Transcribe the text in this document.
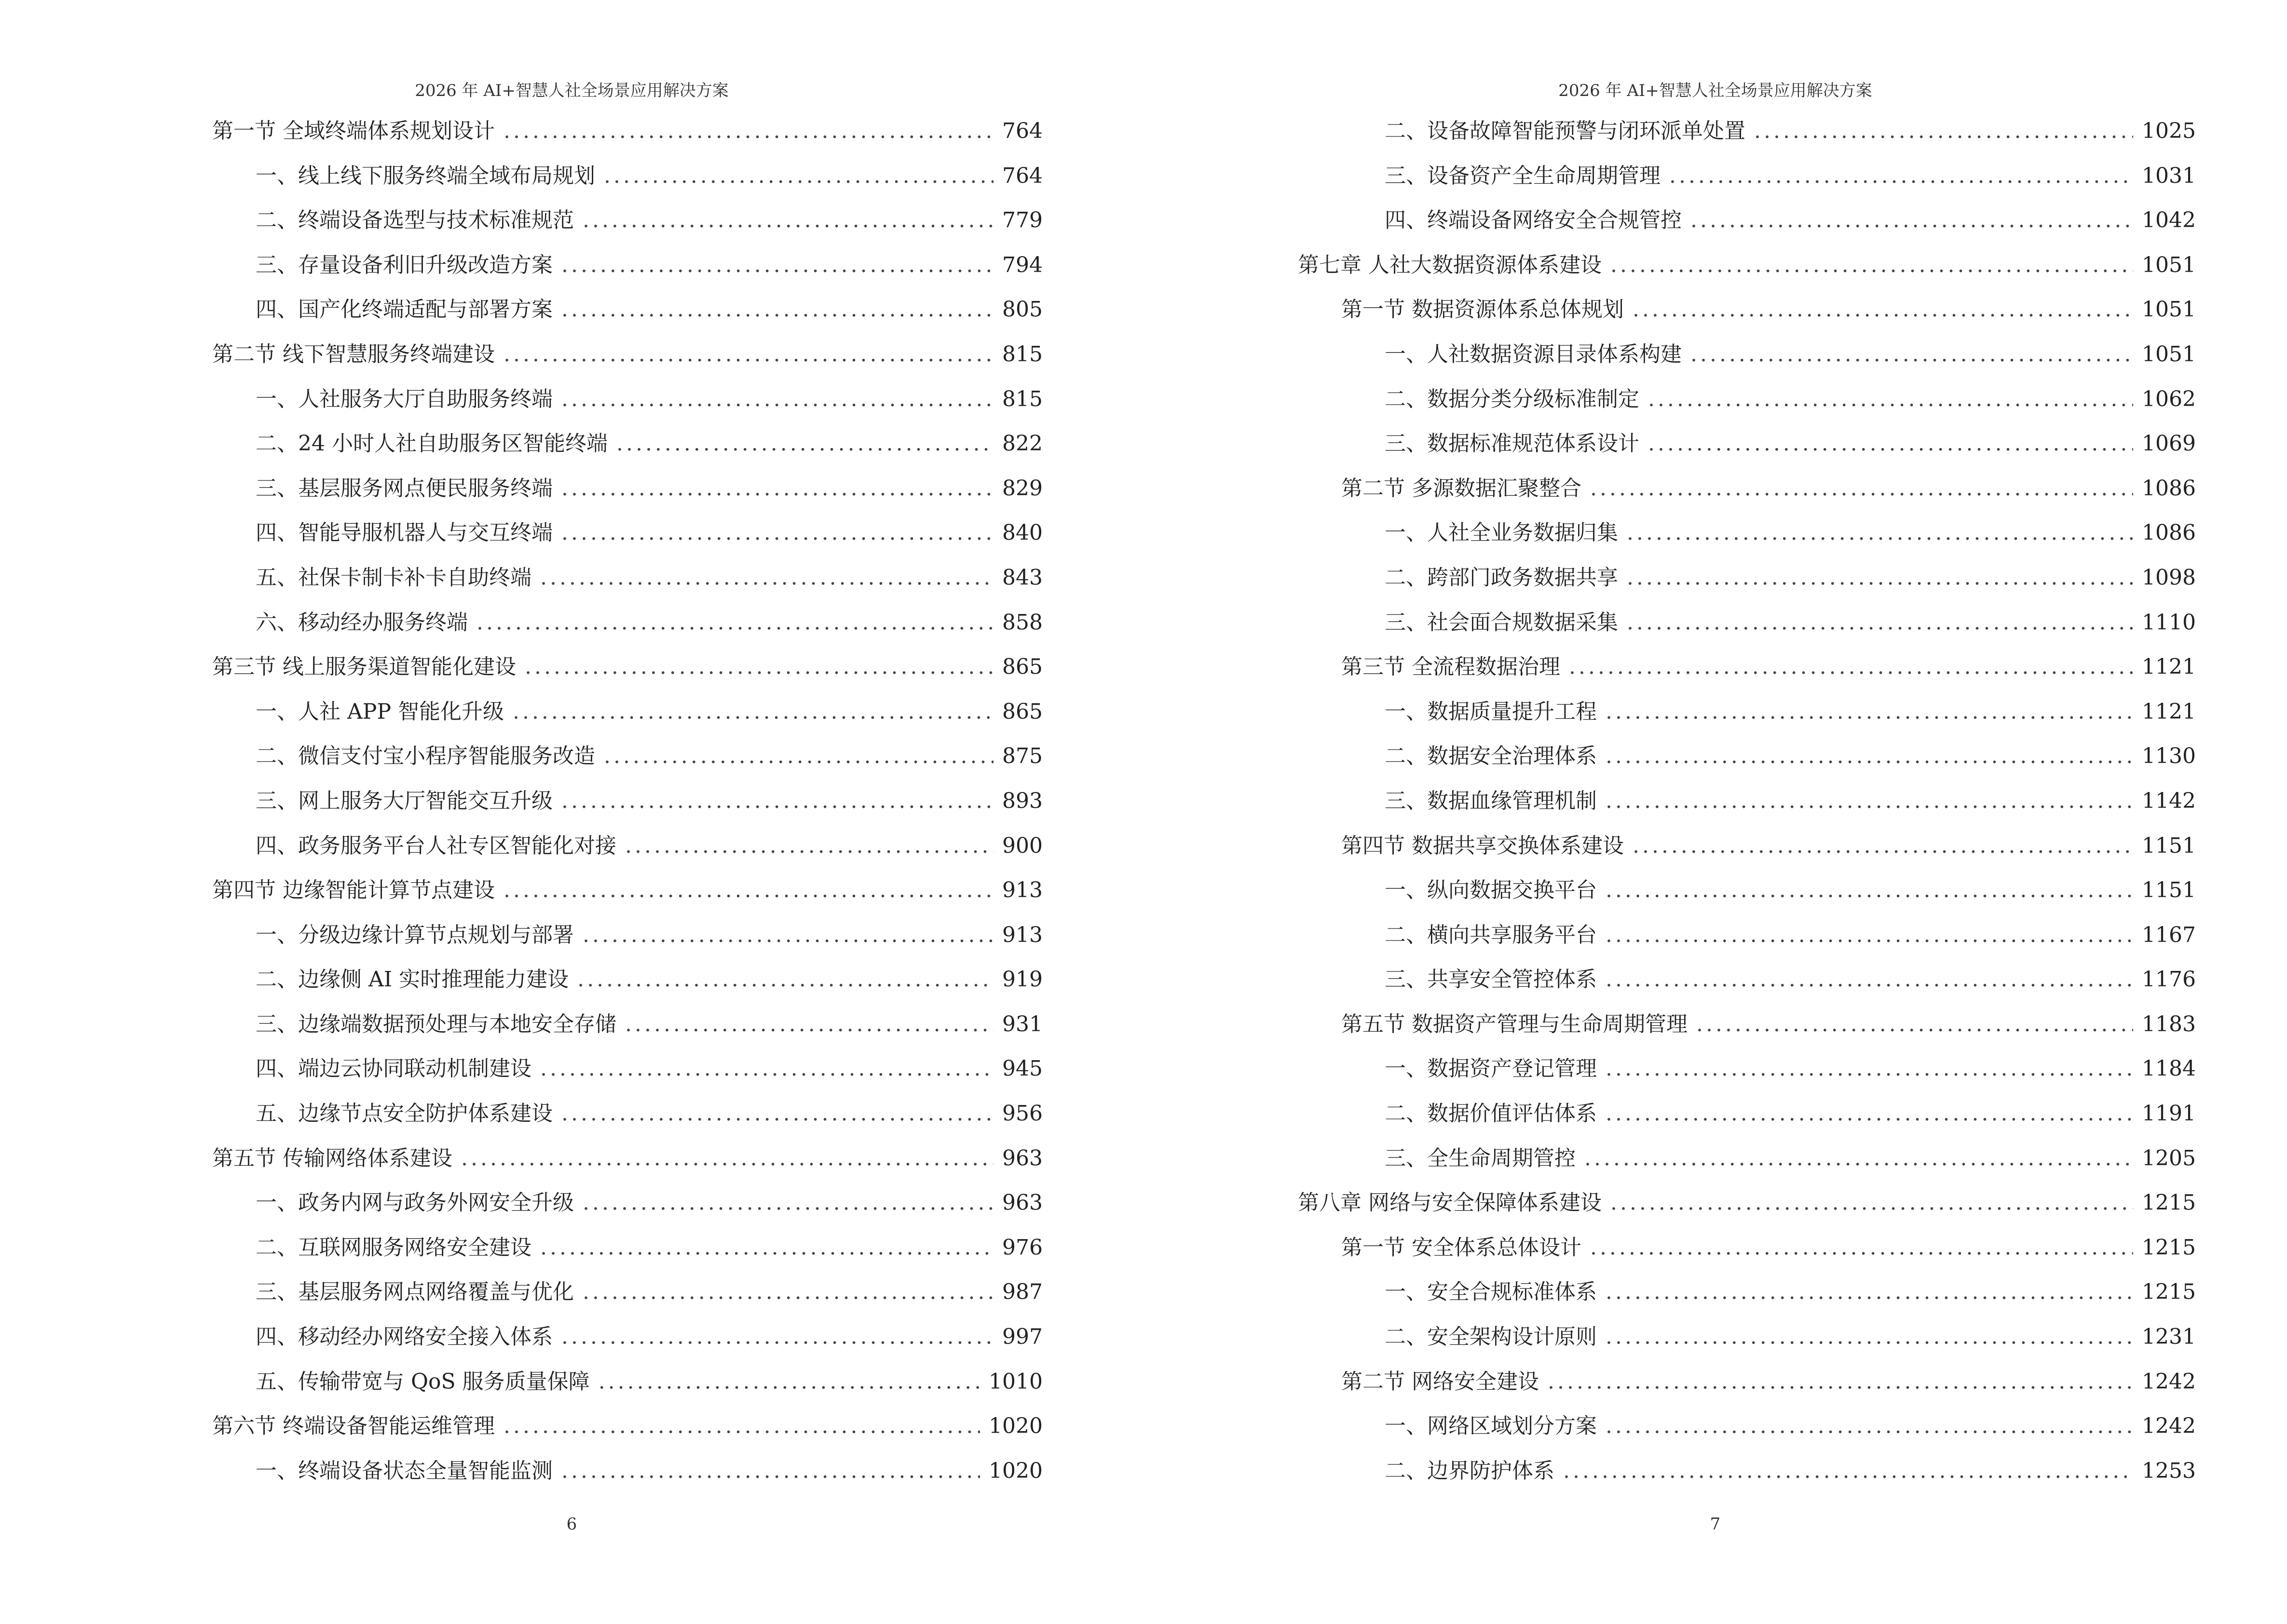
2026 年 AI+智慧人社全场景应用解决方案
第一节 全域终端体系规划设计 .....	764
一、线上线下服务终端全域布局规划 .....	764
二、终端设备选型与技术标准规范 .....	779
三、存量设备利旧升级改造方案 .....	794
四、国产化终端适配与部署方案 .....	805
第二节 线下智慧服务终端建设 .....	815
一、人社服务大厅自助服务终端 .....	815
二、24 小时人社自助服务区智能终端 .....	822
三、基层服务网点便民服务终端 .....	829
四、智能导服机器人与交互终端 .....	840
五、社保卡制卡补卡自助终端 .....	843
六、移动经办服务终端 .....	858
第三节 线上服务渠道智能化建设 .....	865
一、人社 APP 智能化升级 .....	865
二、微信支付宝小程序智能服务改造 .....	875
三、网上服务大厅智能交互升级 .....	893
四、政务服务平台人社专区智能化对接 .....	900
第四节 边缘智能计算节点建设 .....	913
一、分级边缘计算节点规划与部署 .....	913
二、边缘侧 AI 实时推理能力建设 .....	919
三、边缘端数据预处理与本地安全存储 .....	931
四、端边云协同联动机制建设 .....	945
五、边缘节点安全防护体系建设 .....	956
第五节 传输网络体系建设 .....	963
一、政务内网与政务外网安全升级 .....	963
二、互联网服务网络安全建设 .....	976
三、基层服务网点网络覆盖与优化 .....	987
四、移动经办网络安全接入体系 .....	997
五、传输带宽与 QoS 服务质量保障 .....	1010
第六节 终端设备智能运维管理 .....	1020
一、终端设备状态全量智能监测 .....	1020
6
2026 年 AI+智慧人社全场景应用解决方案
二、设备故障智能预警与闭环派单处置 .....	1025
三、设备资产全生命周期管理 .....	1031
四、终端设备网络安全合规管控 .....	1042
第七章 人社大数据资源体系建设 .....	1051
第一节 数据资源体系总体规划 .....	1051
一、人社数据资源目录体系构建 .....	1051
二、数据分类分级标准制定 .....	1062
三、数据标准规范体系设计 .....	1069
第二节 多源数据汇聚整合 .....	1086
一、人社全业务数据归集 .....	1086
二、跨部门政务数据共享 .....	1098
三、社会面合规数据采集 .....	1110
第三节 全流程数据治理 .....	1121
一、数据质量提升工程 .....	1121
二、数据安全治理体系 .....	1130
三、数据血缘管理机制 .....	1142
第四节 数据共享交换体系建设 .....	1151
一、纵向数据交换平台 .....	1151
二、横向共享服务平台 .....	1167
三、共享安全管控体系 .....	1176
第五节 数据资产管理与生命周期管理 .....	1183
一、数据资产登记管理 .....	1184
二、数据价值评估体系 .....	1191
三、全生命周期管控 .....	1205
第八章 网络与安全保障体系建设 .....	1215
第一节 安全体系总体设计 .....	1215
一、安全合规标准体系 .....	1215
二、安全架构设计原则 .....	1231
第二节 网络安全建设 .....	1242
一、网络区域划分方案 .....	1242
二、边界防护体系 .....	1253
7
